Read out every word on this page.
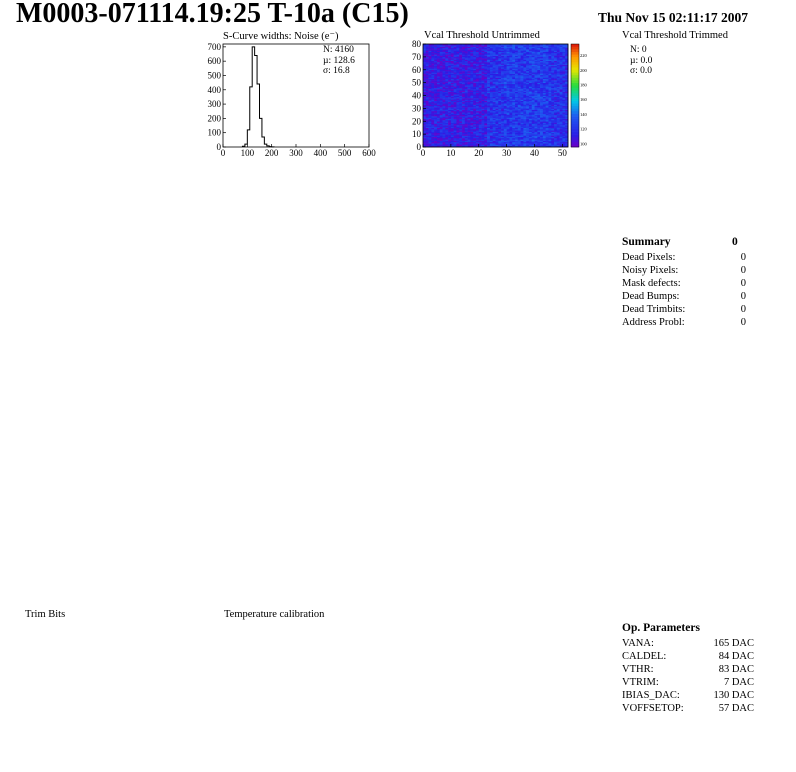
M0003-071114.19:25 T-10a (C15)	Thu Nov 15 02:11:17 2007
S-Curve widths: Noise (e⁻)
0 100 200 300 400 500 600
0
100
200
300
400
500
600
700	N: 4160
µ: 128.6
σ: 16.8
Vcal Threshold Untrimmed
0 10 20 30 40 50
0
10
20
30
40
50
60
70
80
100
120
140
160
180
200
220
Vcal Threshold Trimmed
N: 0
µ: 0.0
σ: 0.0
Summary	0
Dead Pixels:	0
Noisy Pixels:	0
Mask defects:	0
Dead Bumps:	0
Dead Trimbits:	0
Address Probl:	0
Trim Bits	Temperature calibration
Op. Parameters
VANA:	165 DAC
CALDEL:	84 DAC
VTHR:	83 DAC
VTRIM:	7 DAC
IBIAS_DAC:	130 DAC
VOFFSETOP:	57 DAC
